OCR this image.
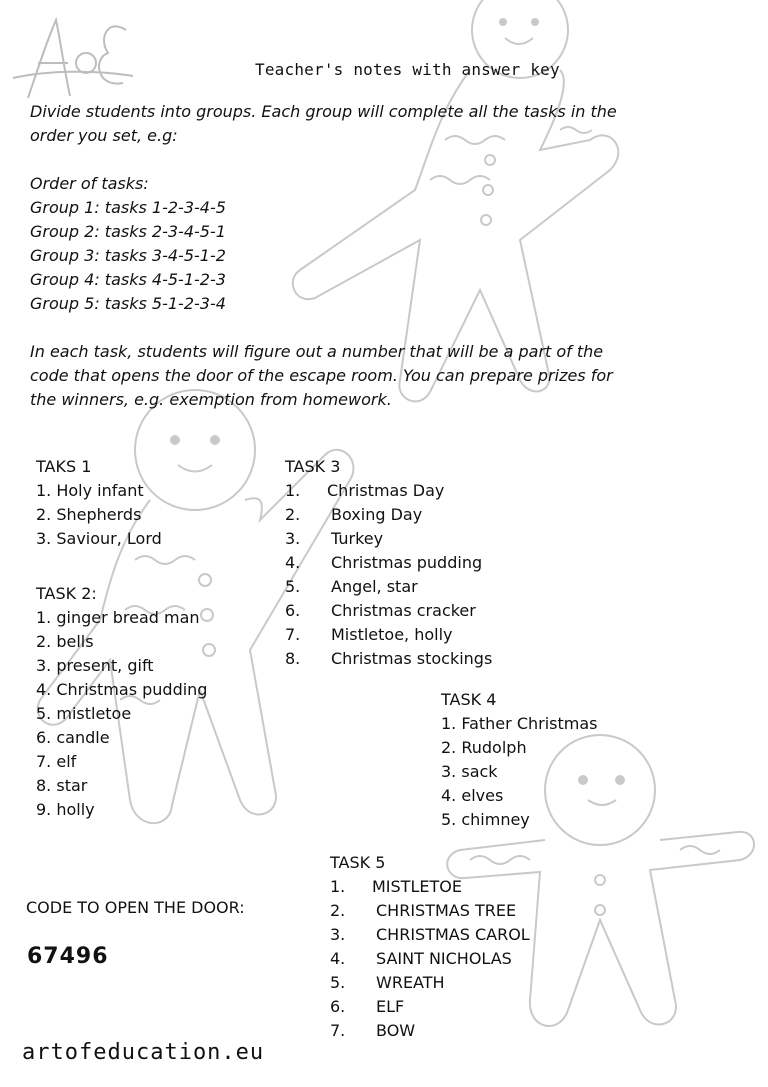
Teacher's notes with answer key

Divide students into groups. Each group will complete all the tasks in the order you set, e.g:

Order of tasks:

Group 1: tasks 1-2-3-4-5

Group 2: tasks 2-3-4-5-1

Group 3: tasks 3-4-5-1-2

Group 4: tasks 4-5-1-2-3

Group 5: tasks 5-1-2-3-4

In each task, students will figure out a number that will be a part of the code that opens the door of the escape room. You can prepare prizes for the winners, e.g. exemption from homework.

TAKS 1
1. Holy infant
2. Shepherds
3. Saviour, Lord
TASK 2:
1. ginger bread man
2. bells
3. present, gift
4. Christmas pudding
5. mistletoe
6. candle
7. elf
8. star
9. holly
TASK 3
1. Christmas Day
2. Boxing Day
3. Turkey
4. Christmas pudding
5. Angel, star
6. Christmas cracker
7. Mistletoe, holly
8. Christmas stockings
TASK 4
1. Father Christmas
2. Rudolph
3. sack
4. elves
5. chimney
TASK 5
1. MISTLETOE
2. CHRISTMAS TREE
3. CHRISTMAS CAROL
4. SAINT NICHOLAS
5. WREATH
6. ELF
7. BOW
CODE TO OPEN THE DOOR:
67496
artofeducation.eu
